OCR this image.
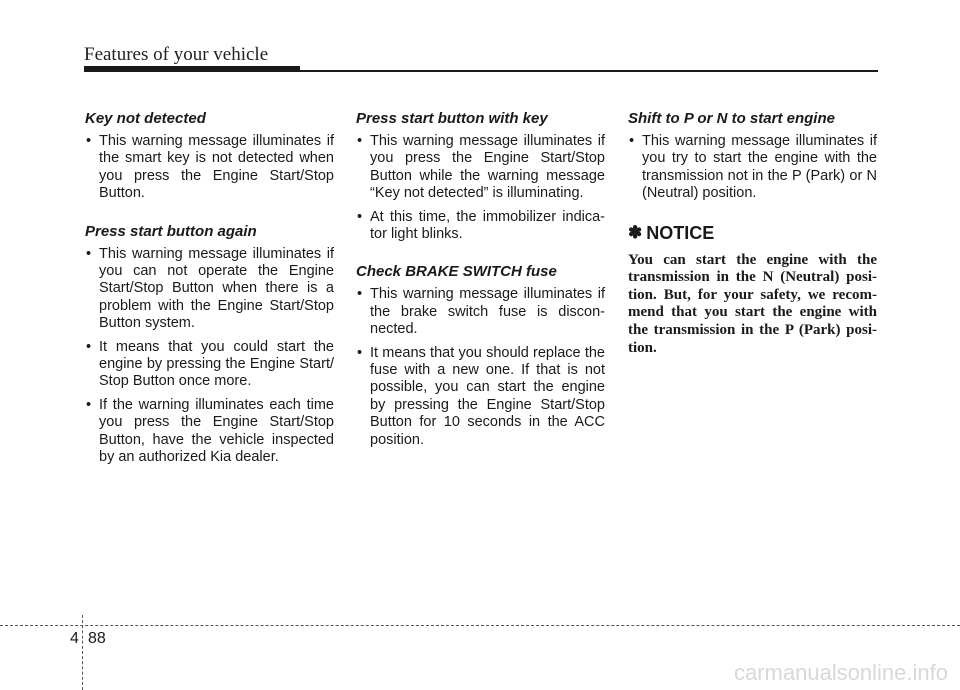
Features of your vehicle
Key not detected
• This warning message illuminates if the smart key is not detected when you press the Engine Start/Stop Button.
Press start button again
• This warning message illuminates if you can not operate the Engine Start/Stop Button when there is a problem with the Engine Start/Stop Button system.
• It means that you could start the engine by pressing the Engine Start/ Stop Button once more.
• If the warning illuminates each time you press the Engine Start/Stop Button, have the vehicle inspected by an authorized Kia dealer.
Press start button with key
• This warning message illuminates if you press the Engine Start/Stop Button while the warning message “Key not detected” is illuminating.
• At this time, the immobilizer indica-tor light blinks.
Check BRAKE SWITCH fuse
• This warning message illuminates if the brake switch fuse is discon-nected.
• It means that you should replace the fuse with a new one. If that is not possible, you can start the engine by pressing the Engine Start/Stop Button for 10 seconds in the ACC position.
Shift to P or N to start engine
• This warning message illuminates if you try to start the engine with the transmission not in the P (Park) or N (Neutral) position.
✽ NOTICE

You can start the engine with the transmission in the N (Neutral) posi-tion. But, for your safety, we recom-mend that you start the engine with the transmission in the P (Park) posi-tion.

4 88
carmanualsonline.info
